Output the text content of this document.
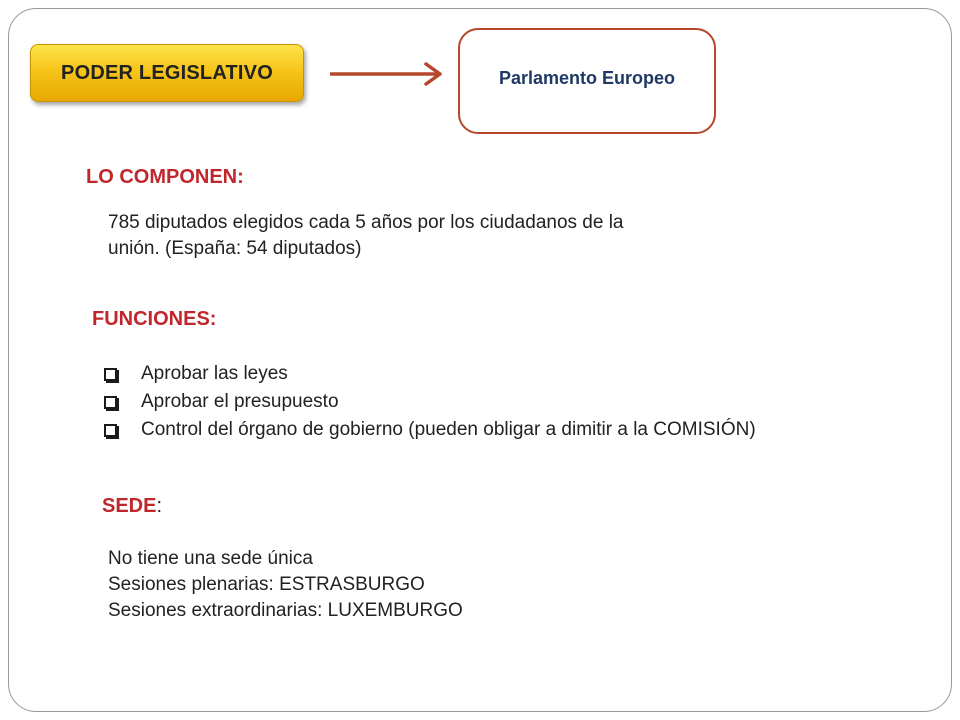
PODER LEGISLATIVO	Parlamento Europeo
LO COMPONEN:
785 diputados elegidos cada 5 años por los ciudadanos de la
unión. (España: 54 diputados)
FUNCIONES:
Aprobar las leyes
Aprobar el presupuesto
Control del órgano de gobierno (pueden obligar a dimitir a la COMISIÓN)
SEDE:
No tiene una sede única
Sesiones plenarias: ESTRASBURGO
Sesiones extraordinarias: LUXEMBURGO
